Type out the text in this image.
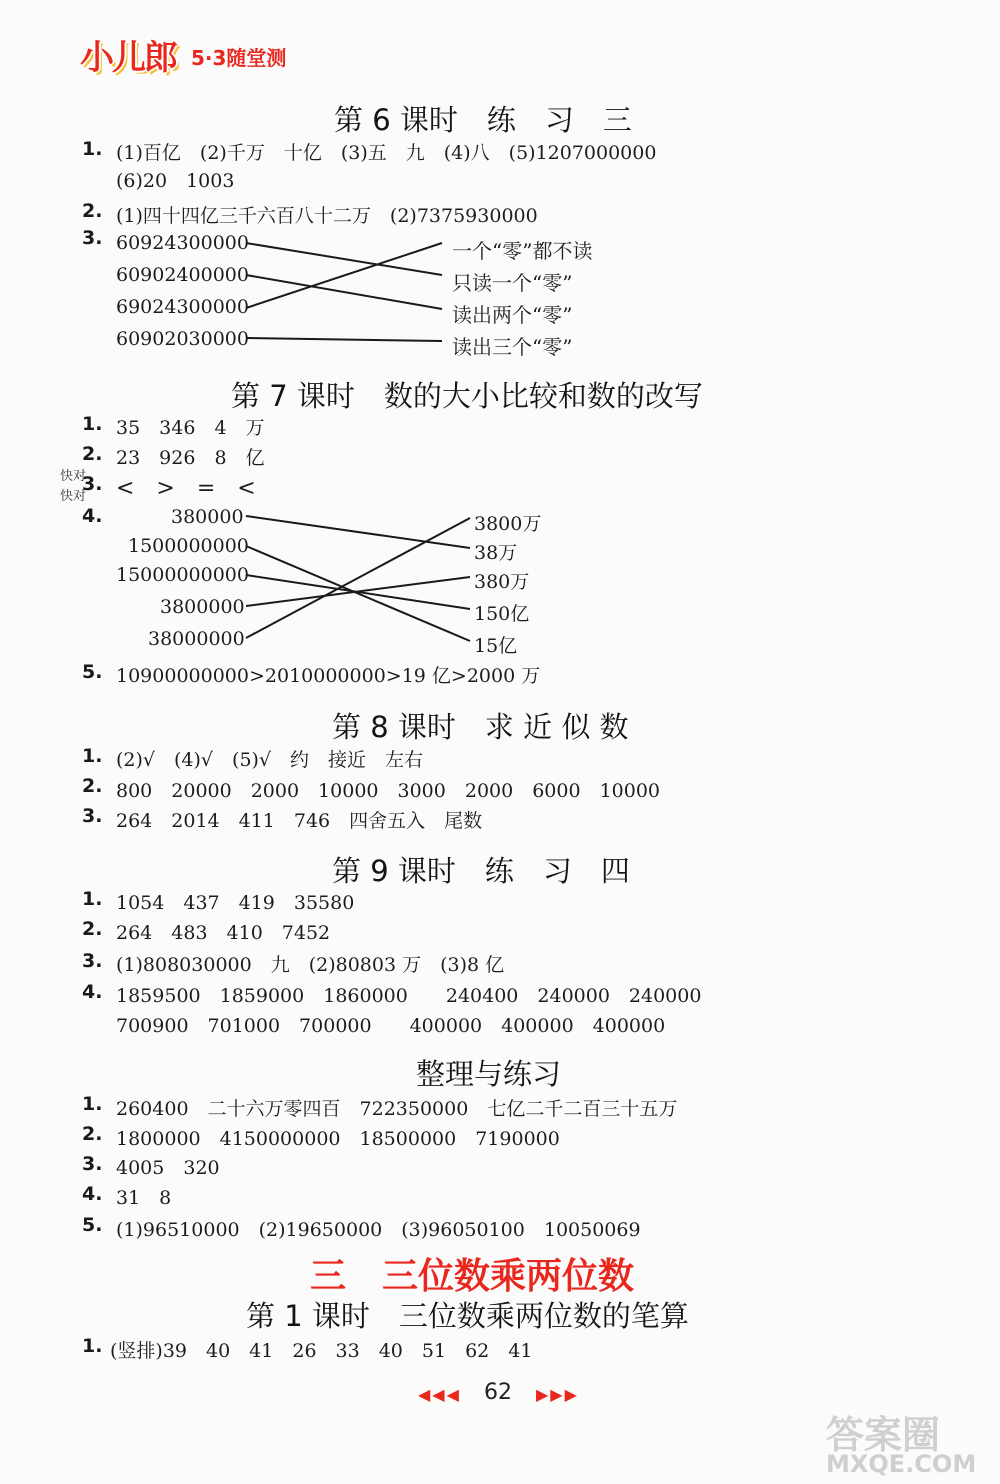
小儿郎 5·3随堂测
第 6 课时　练　习　三
1. (1)百亿　(2)千万　十亿　(3)五　九　(4)八　(5)1207000000
(6)20　1003
2. (1)四十四亿三千六百八十二万　(2)7375930000
3. 60924300000
60902400000
69024300000
60902030000
一个“零”都不读
只读一个“零”
读出两个“零”
读出三个“零”
第 7 课时　数的大小比较和数的改写
1. 35　346　4　万
2. 23　926　8　亿
3. <　>　=　<
快对
快对
4.	380000
1500000000
15000000000
3800000
38000000
3800万
38万
380万
150亿
15亿
5. 10900000000>2010000000>19 亿>2000 万
第 8 课时　求 近 似 数
1. (2)√　(4)√　(5)√　约　接近　左右
2. 800　20000　2000　10000　3000　2000　6000　10000
3. 264　2014　411　746　四舍五入　尾数
第 9 课时　练　习　四
1. 1054　437　419　35580
2. 264　483　410　7452
3. (1)808030000　九　(2)80803 万　(3)8 亿
4. 1859500　1859000　1860000　　240400　240000　240000
700900　701000　700000　　400000　400000　400000
整理与练习
1. 260400　二十六万零四百　722350000　七亿二千二百三十五万
2. 1800000　4150000000　18500000　7190000
3. 4005　320
4. 31　8
5. (1)96510000　(2)19650000　(3)96050100　10050069
三　三位数乘两位数
第 1 课时　三位数乘两位数的笔算
1. (竖排)39　40　41　26　33　40　51　62　41
◀◀◀ 62 ▶▶▶
答案圈
MXQE.COM
